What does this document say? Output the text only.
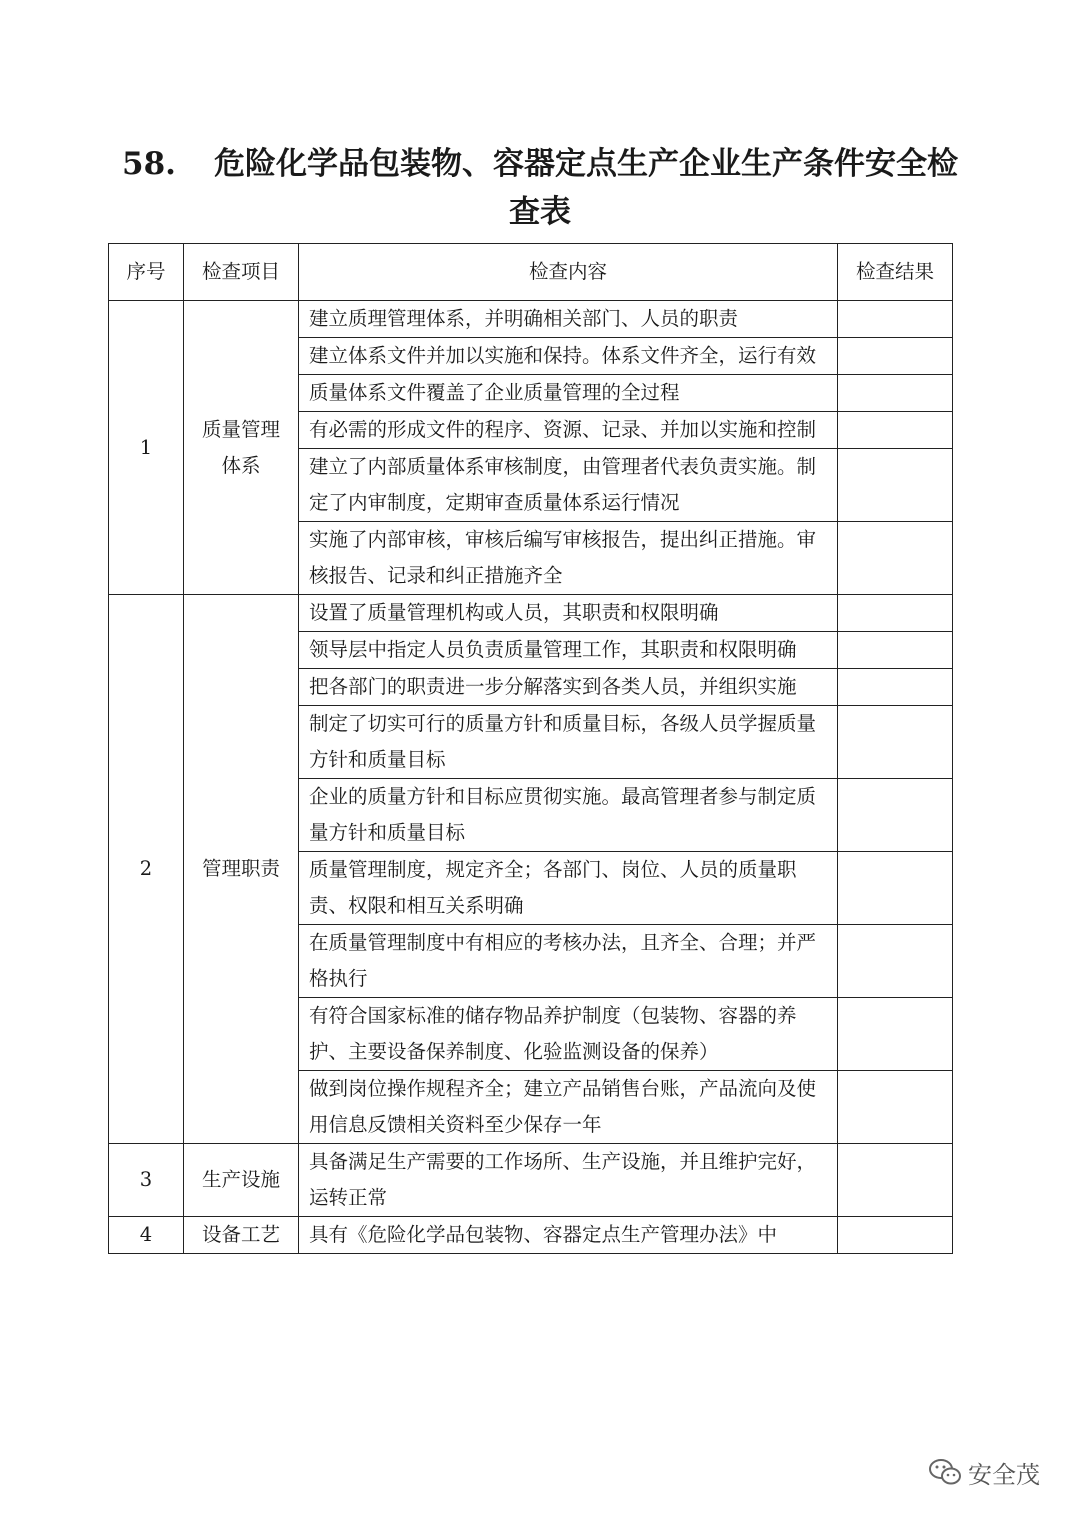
58. 危险化学品包装物、容器定点生产企业生产条件安全检
查表
序号	检查项目	检查内容	检查结果
1	质量管理
体系	建立质理管理体系，并明确相关部门、人员的职责	
		建立体系文件并加以实施和保持。体系文件齐全，运行有效	
		质量体系文件覆盖了企业质量管理的全过程	
		有必需的形成文件的程序、资源、记录、并加以实施和控制	
		建立了内部质量体系审核制度，由管理者代表负责实施。制定了内审制度，定期审查质量体系运行情况	
		实施了内部审核，审核后编写审核报告，提出纠正措施。审核报告、记录和纠正措施齐全	
2	管理职责	设置了质量管理机构或人员，其职责和权限明确	
		领导层中指定人员负责质量管理工作，其职责和权限明确	
		把各部门的职责进一步分解落实到各类人员，并组织实施	
		制定了切实可行的质量方针和质量目标，各级人员学握质量方针和质量目标	
		企业的质量方针和目标应贯彻实施。最高管理者参与制定质量方针和质量目标	
		质量管理制度，规定齐全；各部门、岗位、人员的质量职责、权限和相互关系明确	
		在质量管理制度中有相应的考核办法，且齐全、合理；并严格执行	
		有符合国家标准的储存物品养护制度（包装物、容器的养护、主要设备保养制度、化验监测设备的保养）	
		做到岗位操作规程齐全；建立产品销售台账，产品流向及使用信息反馈相关资料至少保存一年	
3	生产设施	具备满足生产需要的工作场所、生产设施，并且维护完好，运转正常	
4	设备工艺	具有《危险化学品包装物、容器定点生产管理办法》中	
安全茂
